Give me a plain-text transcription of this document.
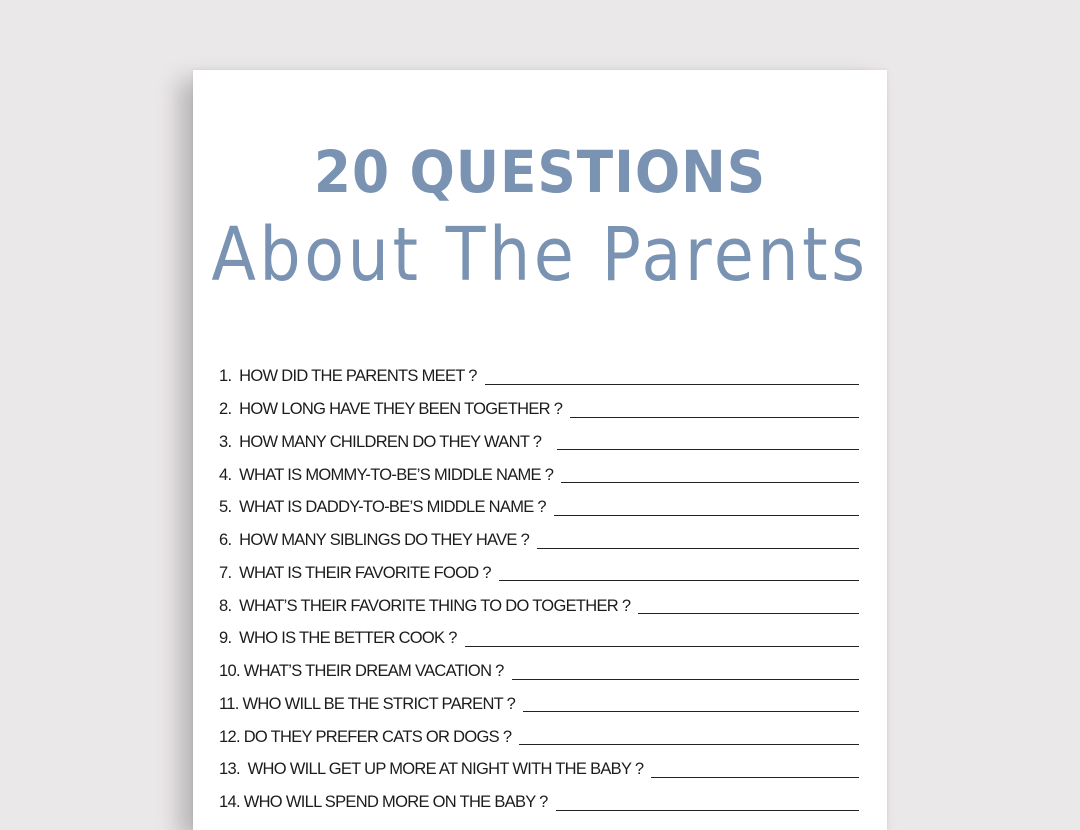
20 QUESTIONS
About The Parents
1.  HOW DID THE PARENTS MEET ?
2.  HOW LONG HAVE THEY BEEN TOGETHER ?
3.  HOW MANY CHILDREN DO THEY WANT ?
4.  WHAT IS MOMMY-TO-BE’S MIDDLE NAME ?
5.  WHAT IS DADDY-TO-BE’S MIDDLE NAME ?
6.  HOW MANY SIBLINGS DO THEY HAVE ?
7.  WHAT IS THEIR FAVORITE FOOD ?
8.  WHAT’S THEIR FAVORITE THING TO DO TOGETHER ?
9.  WHO IS THE BETTER COOK ?
10. WHAT’S THEIR DREAM VACATION ?
11. WHO WILL BE THE STRICT PARENT ?
12. DO THEY PREFER CATS OR DOGS ?
13.  WHO WILL GET UP MORE AT NIGHT WITH THE BABY ?
14. WHO WILL SPEND MORE ON THE BABY ?
